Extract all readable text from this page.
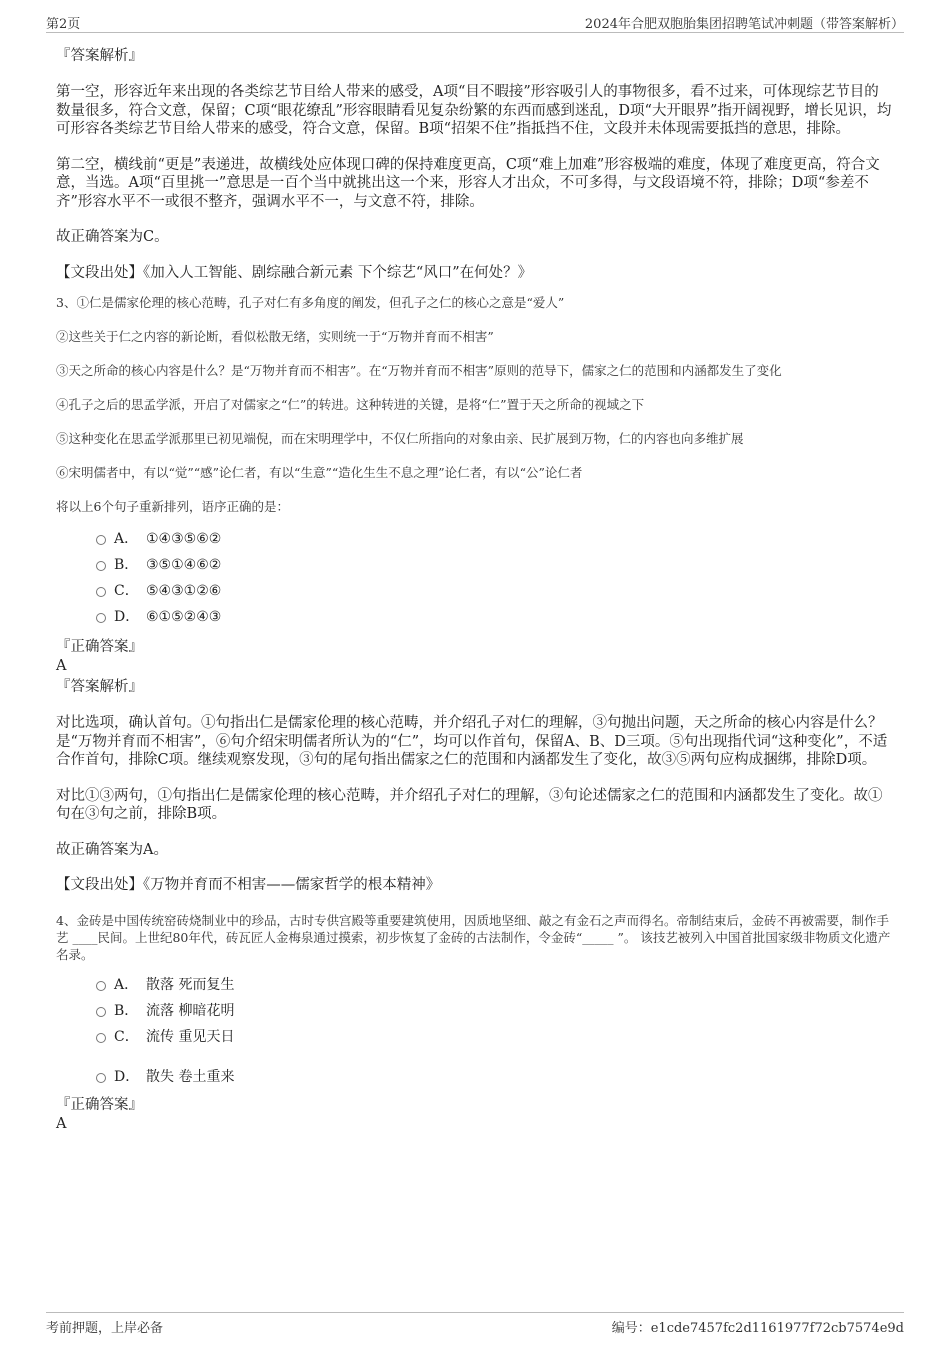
第2页	2024年合肥双胞胎集团招聘笔试冲刺题（带答案解析）

『答案解析』

第一空，形容近年来出现的各类综艺节目给人带来的感受，A项“目不暇接”形容吸引人的事物很多，看不过来，可体现综艺节目的数量很多，符合文意，保留；C项“眼花缭乱”形容眼睛看见复杂纷繁的东西而感到迷乱，D项“大开眼界”指开阔视野，增长见识，均可形容各类综艺节目给人带来的感受，符合文意，保留。B项“招架不住”指抵挡不住，文段并未体现需要抵挡的意思，排除。

第二空，横线前“更是”表递进，故横线处应体现口碑的保持难度更高，C项“难上加难”形容极端的难度，体现了难度更高，符合文意，当选。A项“百里挑一”意思是一百个当中就挑出这一个来，形容人才出众，不可多得，与文段语境不符，排除；D项“参差不齐”形容水平不一或很不整齐，强调水平不一，与文意不符，排除。

故正确答案为C。

【文段出处】《加入人工智能、剧综融合新元素 下个综艺“风口”在何处？》

3、①仁是儒家伦理的核心范畴，孔子对仁有多角度的阐发，但孔子之仁的核心之意是“爱人”

②这些关于仁之内容的新论断，看似松散无绪，实则统一于“万物并育而不相害”

③天之所命的核心内容是什么？是“万物并育而不相害”。在“万物并育而不相害”原则的范导下，儒家之仁的范围和内涵都发生了变化

④孔子之后的思孟学派，开启了对儒家之“仁”的转进。这种转进的关键，是将“仁”置于天之所命的视域之下

⑤这种变化在思孟学派那里已初见端倪，而在宋明理学中，不仅仁所指向的对象由亲、民扩展到万物，仁的内容也向多维扩展

⑥宋明儒者中，有以“觉”“感”论仁者，有以“生意”“造化生生不息之理”论仁者，有以“公”论仁者

将以上6个句子重新排列，语序正确的是：

A． ①④③⑤⑥②
B． ③⑤①④⑥②
C． ⑤④③①②⑥
D． ⑥①⑤②④③

『正确答案』

A

『答案解析』

对比选项，确认首句。①句指出仁是儒家伦理的核心范畴，并介绍孔子对仁的理解，③句抛出问题，天之所命的核心内容是什么？是“万物并育而不相害”，⑥句介绍宋明儒者所认为的“仁”，均可以作首句，保留A、B、D三项。⑤句出现指代词“这种变化”，不适合作首句，排除C项。继续观察发现，③句的尾句指出儒家之仁的范围和内涵都发生了变化，故③⑤两句应构成捆绑，排除D项。

对比①③两句，①句指出仁是儒家伦理的核心范畴，并介绍孔子对仁的理解，③句论述儒家之仁的范围和内涵都发生了变化。故①句在③句之前，排除B项。

故正确答案为A。

【文段出处】《万物并育而不相害——儒家哲学的根本精神》

4、金砖是中国传统窑砖烧制业中的珍品，古时专供宫殿等重要建筑使用，因质地坚细、敲之有金石之声而得名。帝制结束后，金砖不再被需要，制作手艺 ____民间。上世纪80年代，砖瓦匠人金梅泉通过摸索，初步恢复了金砖的古法制作，令金砖“_____ ”。 该技艺被列入中国首批国家级非物质文化遗产名录。

A． 散落 死而复生
B． 流落 柳暗花明
C． 流传 重见天日
D． 散失 卷土重来

『正确答案』

A

考前押题，上岸必备	编号：e1cde7457fc2d1161977f72cb7574e9d
